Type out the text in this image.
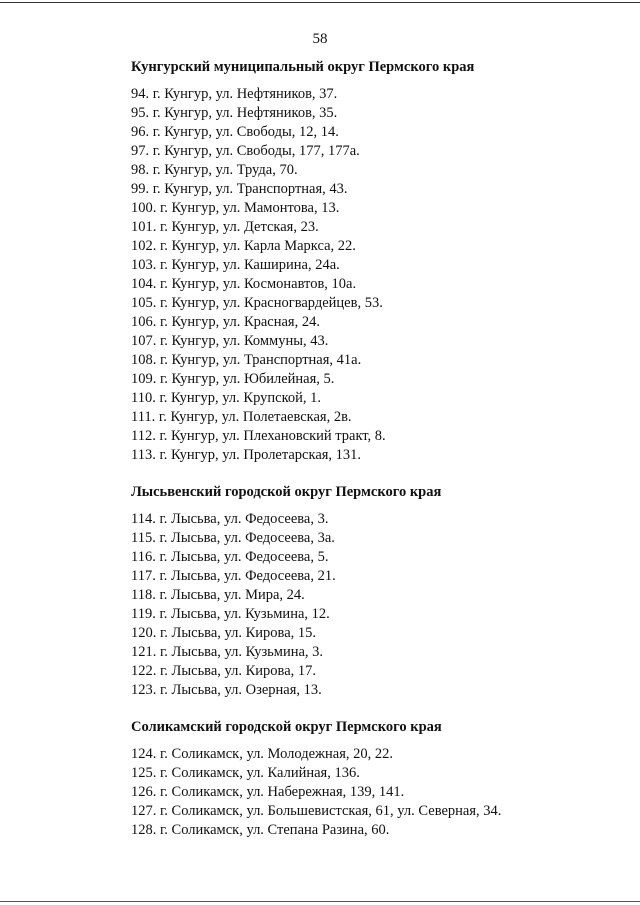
58
Кунгурский муниципальный округ Пермского края
94. г. Кунгур, ул. Нефтяников, 37.
95. г. Кунгур, ул. Нефтяников, 35.
96. г. Кунгур, ул. Свободы, 12, 14.
97. г. Кунгур, ул. Свободы, 177, 177а.
98. г. Кунгур, ул. Труда, 70.
99. г. Кунгур, ул. Транспортная, 43.
100. г. Кунгур, ул. Мамонтова, 13.
101. г. Кунгур, ул. Детская, 23.
102. г. Кунгур, ул. Карла Маркса, 22.
103. г. Кунгур, ул. Каширина, 24а.
104. г. Кунгур, ул. Космонавтов, 10а.
105. г. Кунгур, ул. Красногвардейцев, 53.
106. г. Кунгур, ул. Красная, 24.
107. г. Кунгур, ул. Коммуны, 43.
108. г. Кунгур, ул. Транспортная, 41а.
109. г. Кунгур, ул. Юбилейная, 5.
110. г. Кунгур, ул. Крупской, 1.
111. г. Кунгур, ул. Полетаевская, 2в.
112. г. Кунгур, ул. Плехановский тракт, 8.
113. г. Кунгур, ул. Пролетарская, 131.
Лысьвенский городской округ Пермского края
114. г. Лысьва, ул. Федосеева, 3.
115. г. Лысьва, ул. Федосеева, 3а.
116. г. Лысьва, ул. Федосеева, 5.
117. г. Лысьва, ул. Федосеева, 21.
118. г. Лысьва, ул. Мира, 24.
119. г. Лысьва, ул. Кузьмина, 12.
120. г. Лысьва, ул. Кирова, 15.
121. г. Лысьва, ул. Кузьмина, 3.
122. г. Лысьва, ул. Кирова, 17.
123. г. Лысьва, ул. Озерная, 13.
Соликамский городской округ Пермского края
124. г. Соликамск, ул. Молодежная, 20, 22.
125. г. Соликамск, ул. Калийная, 136.
126. г. Соликамск, ул. Набережная, 139, 141.
127. г. Соликамск, ул. Большевистская, 61, ул. Северная, 34.
128. г. Соликамск, ул. Степана Разина, 60.
